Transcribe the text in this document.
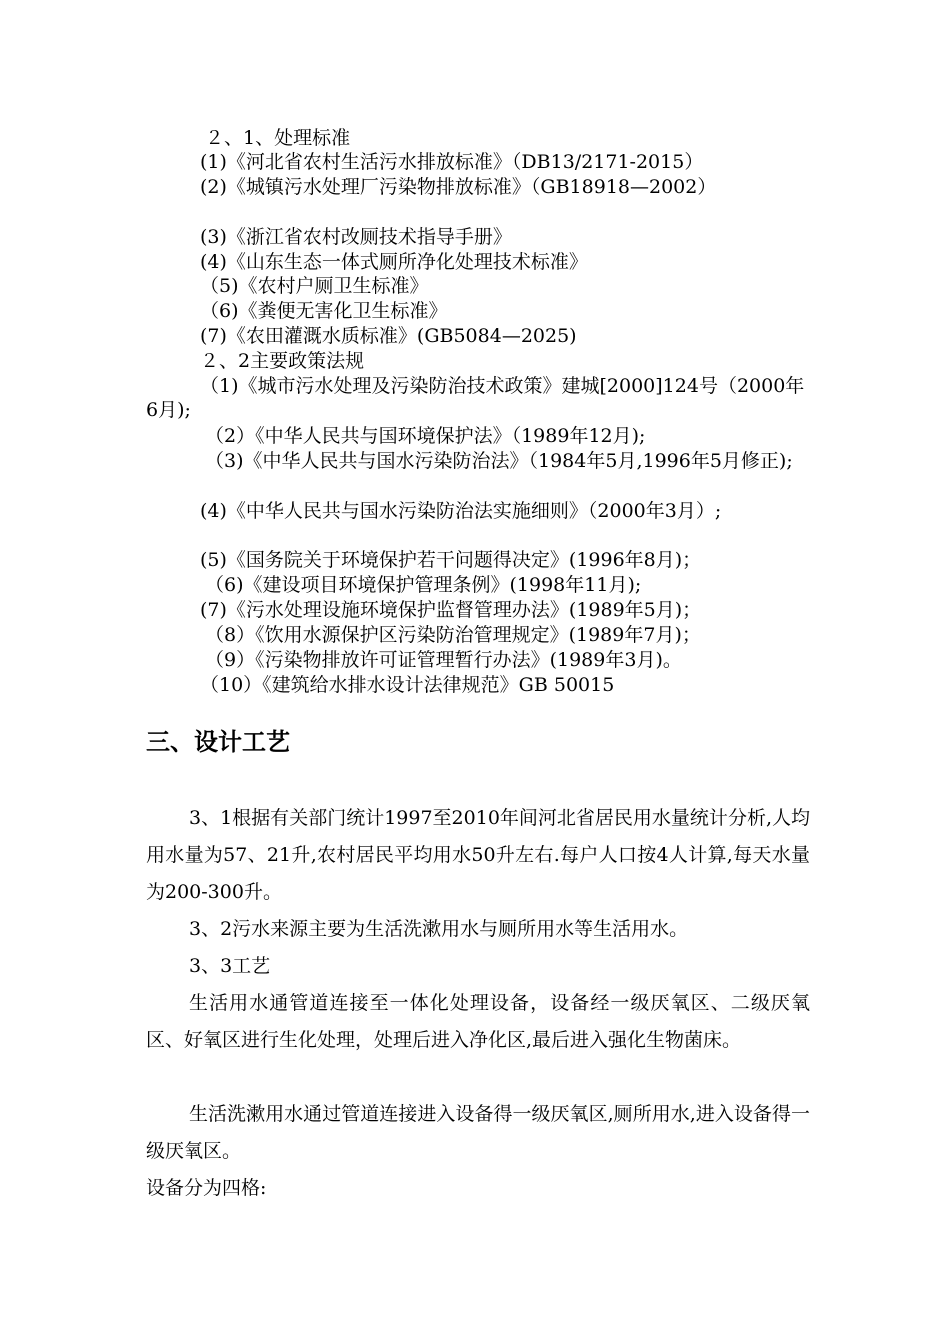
２、1、处理标准
(1)《河北省农村生活污水排放标准》（DB13/2171-2015）
(2)《城镇污水处理厂污染物排放标准》（GB18918—2002）
(3)《浙江省农村改厕技术指导手册》
(4)《山东生态一体式厕所净化处理技术标准》
（5)《农村户厕卫生标准》
（6)《粪便无害化卫生标准》
(7)《农田灌溉水质标准》(GB5084—2025)
２、2主要政策法规
（1)《城市污水处理及污染防治技术政策》建城[2000]124号（2000年6月);
（2）《中华人民共与国环境保护法》（1989年12月);
（3)《中华人民共与国水污染防治法》（1984年5月,1996年5月修正);
(4)《中华人民共与国水污染防治法实施细则》（2000年3月）;
(5)《国务院关于环境保护若干问题得决定》(1996年8月)；
（6)《建设项目环境保护管理条例》(1998年11月);
(7)《污水处理设施环境保护监督管理办法》(1989年5月)；
（8）《饮用水源保护区污染防治管理规定》(1989年7月)；
（9）《污染物排放许可证管理暂行办法》(1989年3月)。
（10）《建筑给水排水设计法律规范》GB 50015
三、设计工艺
3、1根据有关部门统计1997至2010年间河北省居民用水量统计分析,人均用水量为57、21升,农村居民平均用水50升左右.每户人口按4人计算,每天水量为200-300升。
3、2污水来源主要为生活洗漱用水与厕所用水等生活用水。
3、3工艺
生活用水通管道连接至一体化处理设备，设备经一级厌氧区、二级厌氧区、好氧区进行生化处理，处理后进入净化区,最后进入强化生物菌床。
生活洗漱用水通过管道连接进入设备得一级厌氧区,厕所用水,进入设备得一级厌氧区。
设备分为四格:
